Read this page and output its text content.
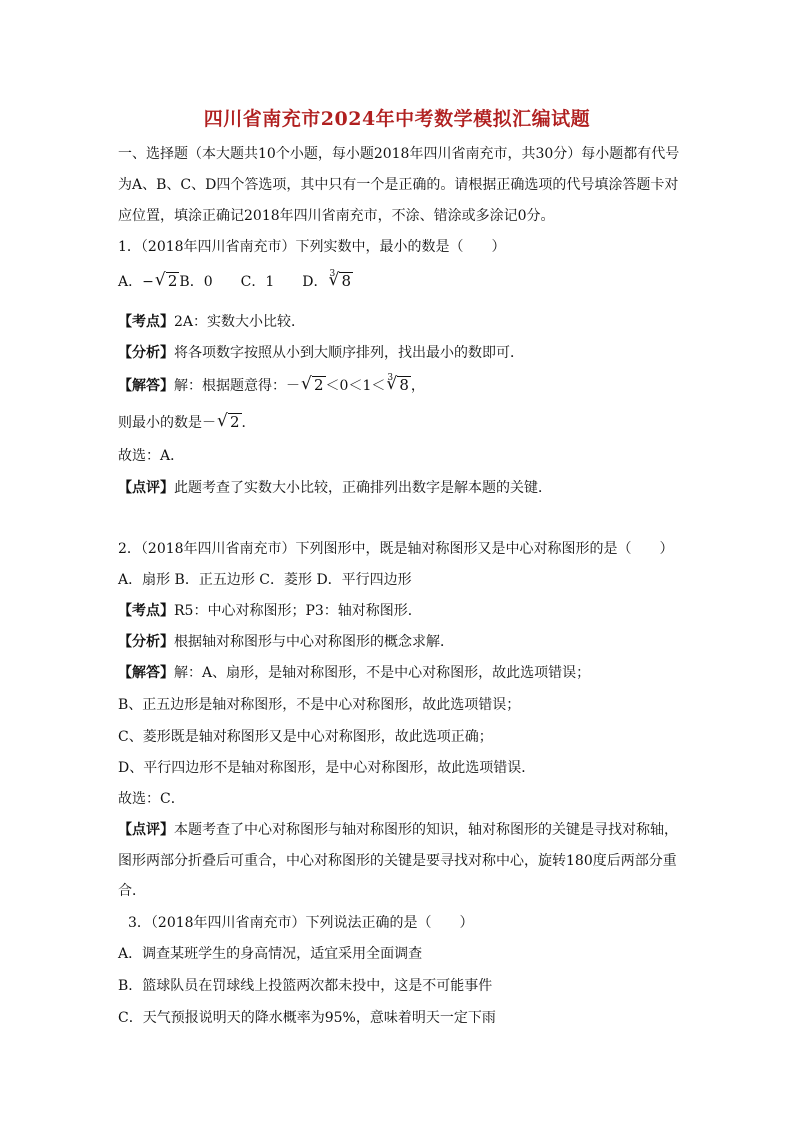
四川省南充市2024年中考数学模拟汇编试题
一、选择题（本大题共10个小题，每小题2018年四川省南充市，共30分）每小题都有代号
为A、B、C、D四个答选项，其中只有一个是正确的。请根据正确选项的代号填涂答题卡对
应位置，填涂正确记2018年四川省南充市，不涂、错涂或多涂记0分。
1．（2018年四川省南充市）下列实数中，最小的数是（　　）
A．− √ 2 B．0　　C．1　　D． √ 3 8
【考点】2A：实数大小比较．
【分析】将各项数字按照从小到大顺序排列，找出最小的数即可．
【解答】解：根据题意得：－ √ 2 ＜0＜1＜ √ 3 8 ，
则最小的数是－ √ 2 ．
故选：A．
【点评】此题考查了实数大小比较，正确排列出数字是解本题的关键．
2．（2018年四川省南充市）下列图形中，既是轴对称图形又是中心对称图形的是（　　）
A．扇形 B．正五边形 C．菱形 D．平行四边形
【考点】R5：中心对称图形；P3：轴对称图形．
【分析】根据轴对称图形与中心对称图形的概念求解．
【解答】解：A、扇形，是轴对称图形，不是中心对称图形，故此选项错误；
B、正五边形是轴对称图形，不是中心对称图形，故此选项错误；
C、菱形既是轴对称图形又是中心对称图形，故此选项正确；
D、平行四边形不是轴对称图形，是中心对称图形，故此选项错误．
故选：C．
【点评】本题考查了中心对称图形与轴对称图形的知识，轴对称图形的关键是寻找对称轴，
图形两部分折叠后可重合，中心对称图形的关键是要寻找对称中心，旋转180度后两部分重
合．
3．（2018年四川省南充市）下列说法正确的是（　　）
A．调查某班学生的身高情况，适宜采用全面调查
B．篮球队员在罚球线上投篮两次都未投中，这是不可能事件
C．天气预报说明天的降水概率为95%，意味着明天一定下雨
